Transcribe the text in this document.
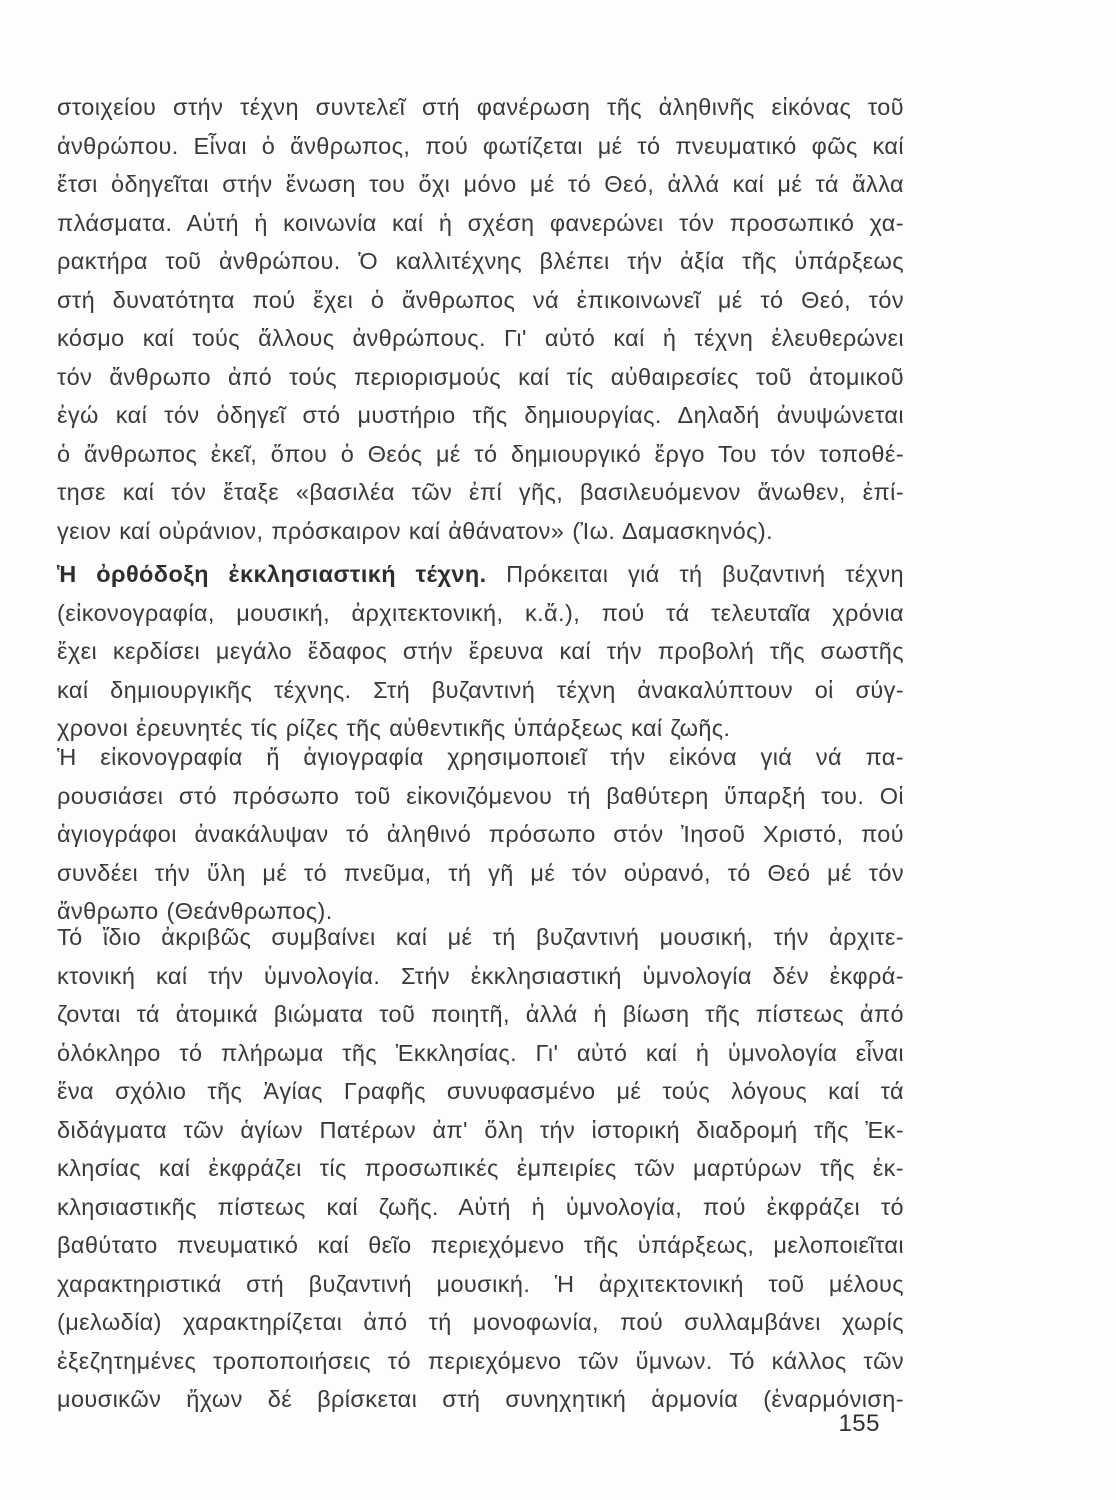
στοιχείου στήν τέχνη συντελεῖ στή φανέρωση τῆς ἀληθινῆς εἰκόνας τοῦ
ἀνθρώπου. Εἶναι ὁ ἄνθρωπος, πού φωτίζεται μέ τό πνευματικό φῶς καί
ἔτσι ὁδηγεῖται στήν ἕνωση του ὄχι μόνο μέ τό Θεό, ἀλλά καί μέ τά ἄλλα
πλάσματα. Αὐτή ἡ κοινωνία καί ἡ σχέση φανερώνει τόν προσωπικό χα-
ρακτήρα τοῦ ἀνθρώπου. Ὁ καλλιτέχνης βλέπει τήν ἀξία τῆς ὑπάρξεως
στή δυνατότητα πού ἔχει ὁ ἄνθρωπος νά ἐπικοινωνεῖ μέ τό Θεό, τόν
κόσμο καί τούς ἄλλους ἀνθρώπους. Γι' αὐτό καί ἡ τέχνη ἐλευθερώνει
τόν ἄνθρωπο ἀπό τούς περιορισμούς καί τίς αὐθαιρεσίες τοῦ ἀτομικοῦ
ἐγώ καί τόν ὁδηγεῖ στό μυστήριο τῆς δημιουργίας. Δηλαδή ἀνυψώνεται
ὁ ἄνθρωπος ἐκεῖ, ὅπου ὁ Θεός μέ τό δημιουργικό ἔργο Του τόν τοποθέ-
τησε καί τόν ἔταξε «βασιλέα τῶν ἐπί γῆς, βασιλευόμενον ἄνωθεν, ἐπί-
γειον καί οὐράνιον, πρόσκαιρον καί ἀθάνατον» (Ἰω. Δαμασκηνός).
Ἡ ὀρθόδοξη ἐκκλησιαστική τέχνη. Πρόκειται γιά τή βυζαντινή τέχνη
(εἰκονογραφία, μουσική, ἀρχιτεκτονική, κ.ἄ.), πού τά τελευταῖα χρόνια
ἔχει κερδίσει μεγάλο ἔδαφος στήν ἔρευνα καί τήν προβολή τῆς σωστῆς
καί δημιουργικῆς τέχνης. Στή βυζαντινή τέχνη ἀνακαλύπτουν οἱ σύγ-
χρονοι ἐρευνητές τίς ρίζες τῆς αὐθεντικῆς ὑπάρξεως καί ζωῆς.
Ἡ εἰκονογραφία ἤ ἁγιογραφία χρησιμοποιεῖ τήν εἰκόνα γιά νά πα-
ρουσιάσει στό πρόσωπο τοῦ εἰκονιζόμενου τή βαθύτερη ὕπαρξή του. Οἱ
ἁγιογράφοι ἀνακάλυψαν τό ἀληθινό πρόσωπο στόν Ἰησοῦ Χριστό, πού
συνδέει τήν ὕλη μέ τό πνεῦμα, τή γῆ μέ τόν οὐρανό, τό Θεό μέ τόν
ἄνθρωπο (Θεάνθρωπος).
Τό ἴδιο ἀκριβῶς συμβαίνει καί μέ τή βυζαντινή μουσική, τήν ἀρχιτε-
κτονική καί τήν ὑμνολογία. Στήν ἐκκλησιαστική ὑμνολογία δέν ἐκφρά-
ζονται τά ἀτομικά βιώματα τοῦ ποιητῆ, ἀλλά ἡ βίωση τῆς πίστεως ἀπό
ὁλόκληρο τό πλήρωμα τῆς Ἐκκλησίας. Γι' αὐτό καί ἡ ὑμνολογία εἶναι
ἕνα σχόλιο τῆς Ἁγίας Γραφῆς συνυφασμένο μέ τούς λόγους καί τά
διδάγματα τῶν ἁγίων Πατέρων ἀπ' ὅλη τήν ἱστορική διαδρομή τῆς Ἐκ-
κλησίας καί ἐκφράζει τίς προσωπικές ἐμπειρίες τῶν μαρτύρων τῆς ἐκ-
κλησιαστικῆς πίστεως καί ζωῆς. Αὐτή ἡ ὑμνολογία, πού ἐκφράζει τό
βαθύτατο πνευματικό καί θεῖο περιεχόμενο τῆς ὑπάρξεως, μελοποιεῖται
χαρακτηριστικά στή βυζαντινή μουσική. Ἡ ἀρχιτεκτονική τοῦ μέλους
(μελωδία) χαρακτηρίζεται ἀπό τή μονοφωνία, πού συλλαμβάνει χωρίς
ἐξεζητημένες τροποποιήσεις τό περιεχόμενο τῶν ὕμνων. Τό κάλλος τῶν
μουσικῶν ἤχων δέ βρίσκεται στή συνηχητική ἁρμονία (ἐναρμόνιση-
155
